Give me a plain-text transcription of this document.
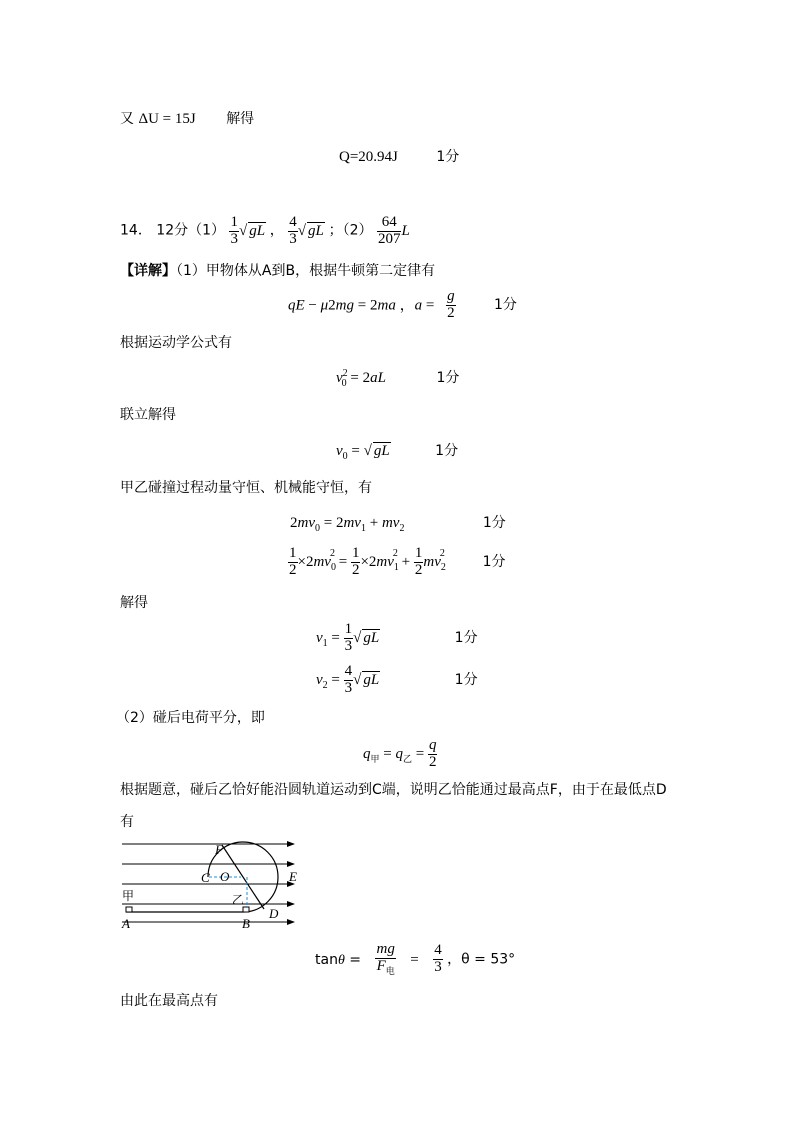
又 ΔU = 15J 解得
Q=20.94J	1分
14． 12分$(1) \frac{1}{3}$ √ gL ， $\frac{4}{3}$ √ gL ；$(2) \frac{64}{207}$ L
【详解】（1）甲物体从A到B，根据牛顿第二定律有
qE − μ2mg = 2ma ，$a = \frac{g}{2}$	1分
根据运动学公式有
$v_{20} = 2aL$	1分
联立解得
$v_0$ = √ gL	1分
甲乙碰撞过程动量守恒、机械能守恒，有
$2mv_0 = 2mv_1 + mv_2$	1分
$\frac{1}{2} \times 2mv_0^2 = \frac{1}{2} \times 2mv_1^2 + \frac{1}{2} mv_2^2$ 1分
解得
$v_1 = \frac{1}{3}$ √ gL	1分
$v_2 = \frac{4}{3}$ √ gL	1分
（2）碰后电荷平分，即
$q_甲 = q_乙 = \frac{q}{2}$
根据题意，碰后乙恰好能沿圆轨道运动到C端，说明乙恰能通过最高点F，由于在最低点D
有
F
C O	E
乙
甲
D
A	B
$\tan\theta = \frac{mg}{F_电} = \frac{4}{3}$ ，θ = 53°
由此在最高点有
